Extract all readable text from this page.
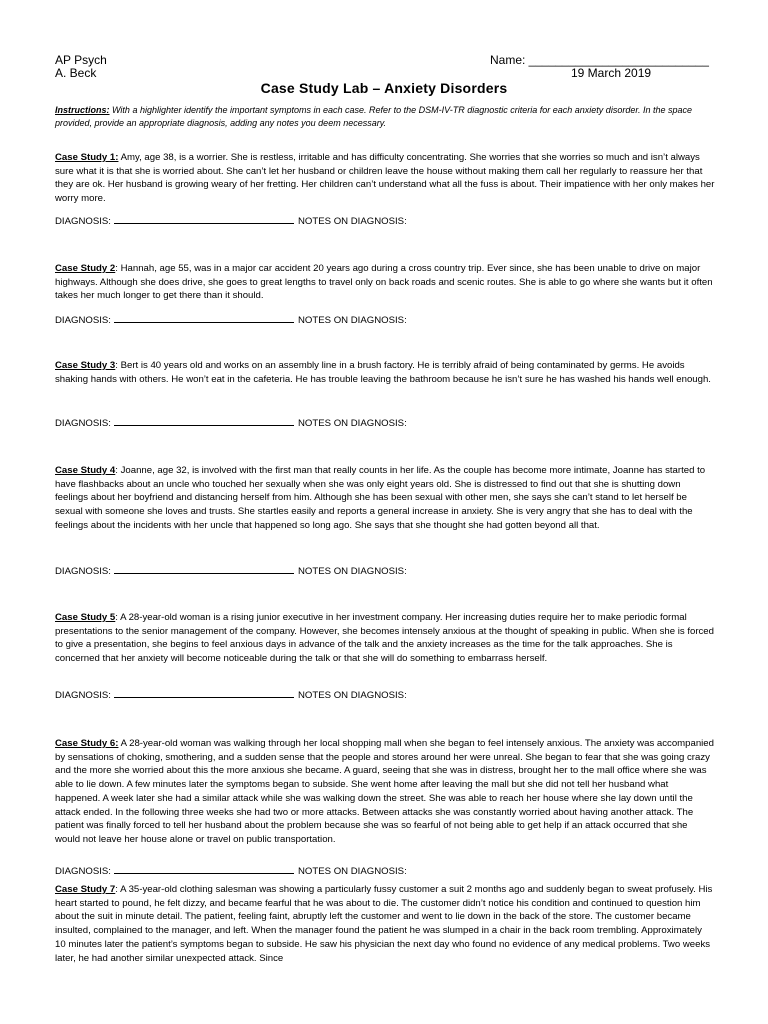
AP Psych
A. Beck
Name: ___________________________
19 March 2019
Case Study Lab – Anxiety Disorders
Instructions: With a highlighter identify the important symptoms in each case. Refer to the DSM-IV-TR diagnostic criteria for each anxiety disorder. In the space provided, provide an appropriate diagnosis, adding any notes you deem necessary.
Case Study 1: Amy, age 38, is a worrier. She is restless, irritable and has difficulty concentrating. She worries that she worries so much and isn’t always sure what it is that she is worried about. She can’t let her husband or children leave the house without making them call her regularly to reassure her that they are ok. Her husband is growing weary of her fretting. Her children can’t understand what all the fuss is about. Their impatience with her only makes her worry more.
DIAGNOSIS:	NOTES ON DIAGNOSIS:
Case Study 2: Hannah, age 55, was in a major car accident 20 years ago during a cross country trip. Ever since, she has been unable to drive on major highways. Although she does drive, she goes to great lengths to travel only on back roads and scenic routes. She is able to go where she wants but it often takes her much longer to get there than it should.
DIAGNOSIS:	NOTES ON DIAGNOSIS:
Case Study 3: Bert is 40 years old and works on an assembly line in a brush factory. He is terribly afraid of being contaminated by germs. He avoids shaking hands with others. He won’t eat in the cafeteria. He has trouble leaving the bathroom because he isn’t sure he has washed his hands well enough.
DIAGNOSIS:	NOTES ON DIAGNOSIS:
Case Study 4: Joanne, age 32, is involved with the first man that really counts in her life. As the couple has become more intimate, Joanne has started to have flashbacks about an uncle who touched her sexually when she was only eight years old. She is distressed to find out that she is shutting down feelings about her boyfriend and distancing herself from him. Although she has been sexual with other men, she says she can’t stand to let herself be sexual with someone she loves and trusts. She startles easily and reports a general increase in anxiety. She is very angry that she has to deal with the feelings about the incidents with her uncle that happened so long ago. She says that she thought she had gotten beyond all that.
DIAGNOSIS:	NOTES ON DIAGNOSIS:
Case Study 5: A 28-year-old woman is a rising junior executive in her investment company. Her increasing duties require her to make periodic formal presentations to the senior management of the company. However, she becomes intensely anxious at the thought of speaking in public. When she is forced to give a presentation, she begins to feel anxious days in advance of the talk and the anxiety increases as the time for the talk approaches. She is concerned that her anxiety will become noticeable during the talk or that she will do something to embarrass herself.
DIAGNOSIS:	NOTES ON DIAGNOSIS:
Case Study 6: A 28-year-old woman was walking through her local shopping mall when she began to feel intensely anxious. The anxiety was accompanied by sensations of choking, smothering, and a sudden sense that the people and stores around her were unreal. She began to fear that she was going crazy and the more she worried about this the more anxious she became. A guard, seeing that she was in distress, brought her to the mall office where she was able to lie down. A few minutes later the symptoms began to subside. She went home after leaving the mall but she did not tell her husband what happened. A week later she had a similar attack while she was walking down the street. She was able to reach her house where she lay down until the attack ended. In the following three weeks she had two or more attacks. Between attacks she was constantly worried about having another attack. The patient was finally forced to tell her husband about the problem because she was so fearful of not being able to get help if an attack occurred that she would not leave her house alone or travel on public transportation.
DIAGNOSIS:	NOTES ON DIAGNOSIS:
Case Study 7: A 35-year-old clothing salesman was showing a particularly fussy customer a suit 2 months ago and suddenly began to sweat profusely. His heart started to pound, he felt dizzy, and became fearful that he was about to die. The customer didn’t notice his condition and continued to question him about the suit in minute detail. The patient, feeling faint, abruptly left the customer and went to lie down in the back of the store. The customer became insulted, complained to the manager, and left. When the manager found the patient he was slumped in a chair in the back room trembling. Approximately 10 minutes later the patient’s symptoms began to subside. He saw his physician the next day who found no evidence of any medical problems. Two weeks later, he had another similar unexpected attack. Since
